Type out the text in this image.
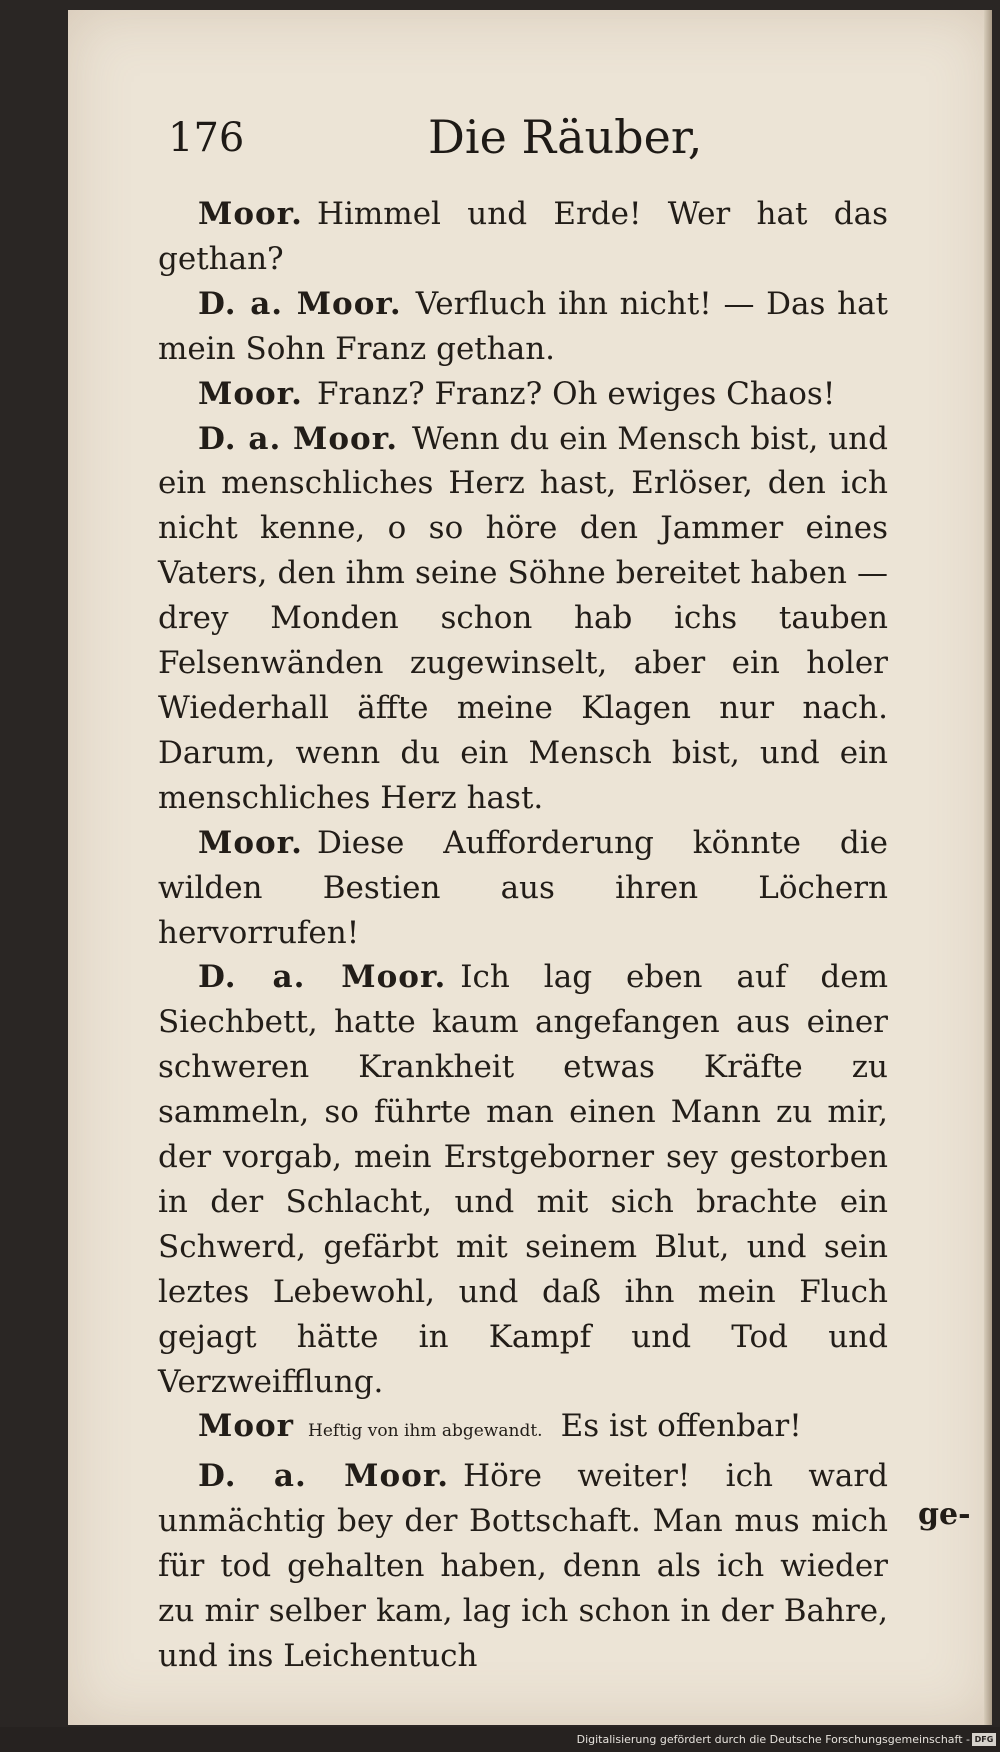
176	Die Räuber,

Moor. Himmel und Erde! Wer hat das gethan?

D. a. Moor. Verfluch ihn nicht! — Das hat mein Sohn Franz gethan.

Moor. Franz? Franz? Oh ewiges Chaos!

D. a. Moor. Wenn du ein Mensch bist, und ein menschliches Herz hast, Erlöser, den ich nicht kenne, o so höre den Jammer eines Vaters, den ihm seine Söhne bereitet haben — drey Monden schon hab ichs tauben Felsenwänden zugewinselt, aber ein holer Wiederhall äffte meine Klagen nur nach. Darum, wenn du ein Mensch bist, und ein menschliches Herz hast.

Moor. Diese Aufforderung könnte die wilden Bestien aus ihren Löchern hervorrufen!

D. a. Moor. Ich lag eben auf dem Siechbett, hatte kaum angefangen aus einer schweren Krankheit etwas Kräfte zu sammeln, so führte man einen Mann zu mir, der vorgab, mein Erstgeborner sey gestorben in der Schlacht, und mit sich brachte ein Schwerd, gefärbt mit seinem Blut, und sein leztes Lebewohl, und daß ihn mein Fluch gejagt hätte in Kampf und Tod und Verzweifflung.

Moor Heftig von ihm abgewandt. Es ist offenbar!

D. a. Moor. Höre weiter! ich ward unmächtig bey der Bottschaft. Man mus mich für tod gehalten haben, denn als ich wieder zu mir selber kam, lag ich schon in der Bahre, und ins Leichentuch

ge-
Digitalisierung gefördert durch die Deutsche Forschungsgemeinschaft - DFG
